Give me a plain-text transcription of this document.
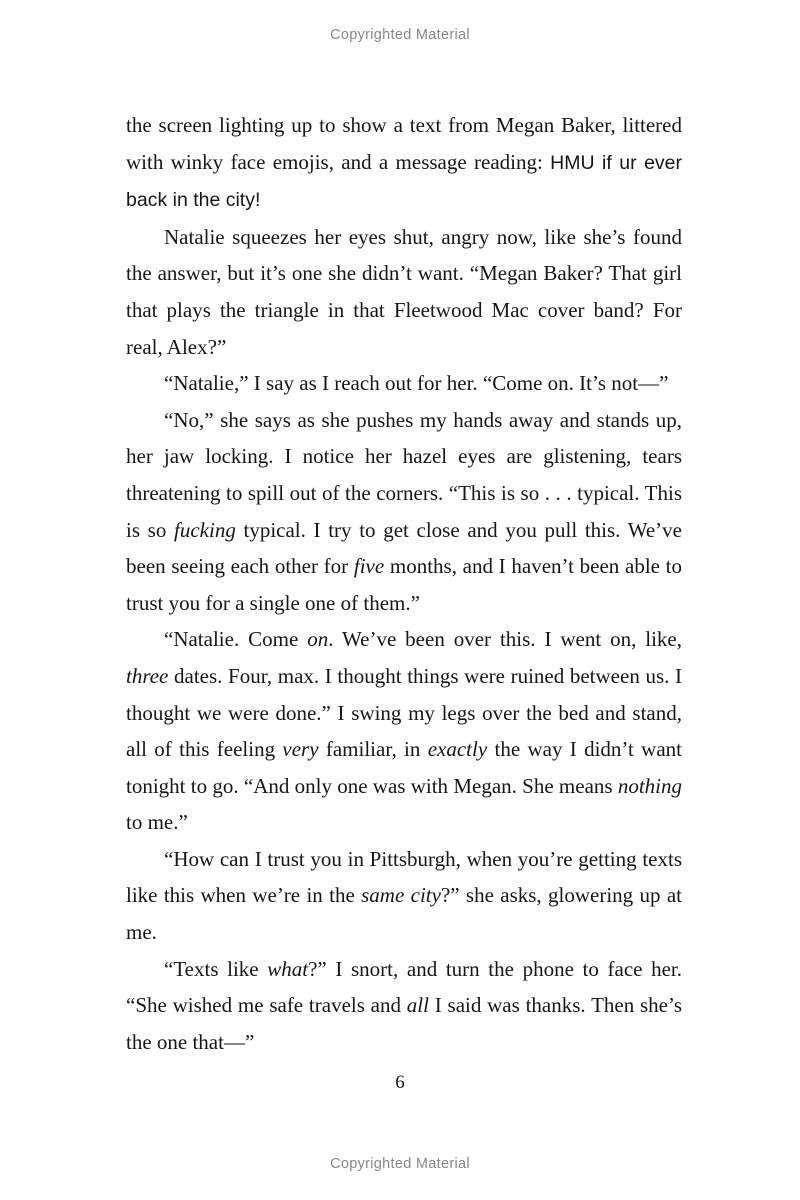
Copyrighted Material

the screen lighting up to show a text from Megan Baker, littered with winky face emojis, and a message reading: HMU if ur ever back in the city!

Natalie squeezes her eyes shut, angry now, like she’s found the answer, but it’s one she didn’t want. “Megan Baker? That girl that plays the triangle in that Fleetwood Mac cover band? For real, Alex?”

“Natalie,” I say as I reach out for her. “Come on. It’s not—”

“No,” she says as she pushes my hands away and stands up, her jaw locking. I notice her hazel eyes are glistening, tears threatening to spill out of the corners. “This is so . . . typical. This is so fucking typical. I try to get close and you pull this. We’ve been seeing each other for five months, and I haven’t been able to trust you for a single one of them.”

“Natalie. Come on. We’ve been over this. I went on, like, three dates. Four, max. I thought things were ruined between us. I thought we were done.” I swing my legs over the bed and stand, all of this feeling very familiar, in exactly the way I didn’t want tonight to go. “And only one was with Megan. She means nothing to me.”

“How can I trust you in Pittsburgh, when you’re getting texts like this when we’re in the same city?” she asks, glowering up at me.

“Texts like what?” I snort, and turn the phone to face her. “She wished me safe travels and all I said was thanks. Then she’s the one that—”

6
Copyrighted Material
